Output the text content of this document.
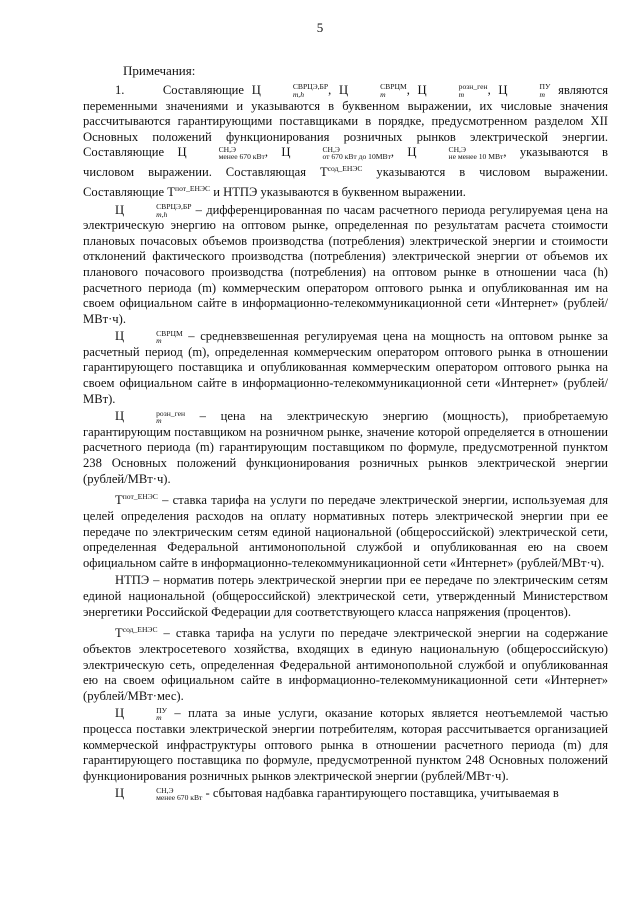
5
Примечания:

1.     Составляющие Ц	СВРЦЭ,БР
m,h	, Ц	СВРЦМ
m	, Ц	розн_ген
m	, Ц	ПУ
m являются переменными значениями и указываются в буквенном выражении, их числовые значения рассчитываются гарантирующими поставщиками в порядке, предусмотренном разделом XII Основных положений функционирования розничных рынков электрической энергии. Составляющие Ц	СН,Э
менее 670 кВт , Ц	СН,Э
от 670 кВт до 10МВт , Ц	СН,Э
не менее 10 МВт , указываются в числовом выражении. Составляющая $Т^{сод\_ЕНЭС}$ указываются в числовом выражении. Составляющие $Т^{пот\_ЕНЭС}$ и НТПЭ указываются в буквенном выражении.

Ц	СВРЦЭ,БР
m,h	– дифференцированная по часам расчетного периода регулируемая цена на электрическую энергию на оптовом рынке, определенная по результатам расчета стоимости плановых почасовых объемов производства (потребления) электрической энергии и стоимости отклонений фактического производства (потребления) электрической энергии от объемов их планового почасового производства (потребления) на оптовом рынке в отношении часа (h) расчетного периода (m) коммерческим оператором оптового рынка и опубликованная им на своем официальном сайте в информационно-телекоммуникационной сети «Интернет» (рублей/МВт·ч).

Ц	СВРЦМ
m	– средневзвешенная регулируемая цена на мощность на оптовом рынке за расчетный период (m), определенная коммерческим оператором оптового рынка в отношении гарантирующего поставщика и опубликованная коммерческим оператором оптового рынка на своем официальном сайте в информационно-телекоммуникационной сети «Интернет» (рублей/МВт).

Ц	розн_ген
m	– цена на электрическую энергию (мощность), приобретаемую гарантирующим поставщиком на розничном рынке, значение которой определяется в отношении расчетного периода (m) гарантирующим поставщиком по формуле, предусмотренной пунктом 238 Основных положений функционирования розничных рынков электрической энергии (рублей/МВт·ч).

$Т^{пот\_ЕНЭС}$ – ставка тарифа на услуги по передаче электрической энергии, используемая для целей определения расходов на оплату нормативных потерь электрической энергии при ее передаче по электрическим сетям единой национальной (общероссийской) электрической сети, определенная Федеральной антимонопольной службой и опубликованная ею на своем официальном сайте в информационно-телекоммуникационной сети «Интернет» (рублей/МВт·ч).

НТПЭ – норматив потерь электрической энергии при ее передаче по электрическим сетям единой национальной (общероссийской) электрической сети, утвержденный Министерством энергетики Российской Федерации для соответствующего класса напряжения (процентов).

$Т^{сод\_ЕНЭС}$ – ставка тарифа на услуги по передаче электрической энергии на содержание объектов электросетевого хозяйства, входящих в единую национальную (общероссийскую) электрическую сеть, определенная Федеральной антимонопольной службой и опубликованная ею на своем официальном сайте в информационно-телекоммуникационной сети «Интернет» (рублей/МВт·мес).

Ц	ПУ
m – плата за иные услуги, оказание которых является неотъемлемой частью процесса поставки электрической энергии потребителям, которая рассчитывается организацией коммерческой инфраструктуры оптового рынка в отношении расчетного периода (m) для гарантирующего поставщика по формуле, предусмотренной пунктом 248 Основных положений функционирования розничных рынков электрической энергии (рублей/МВт·ч).

Ц	СН,Э
менее 670 кВт - сбытовая надбавка гарантирующего поставщика, учитываемая в
